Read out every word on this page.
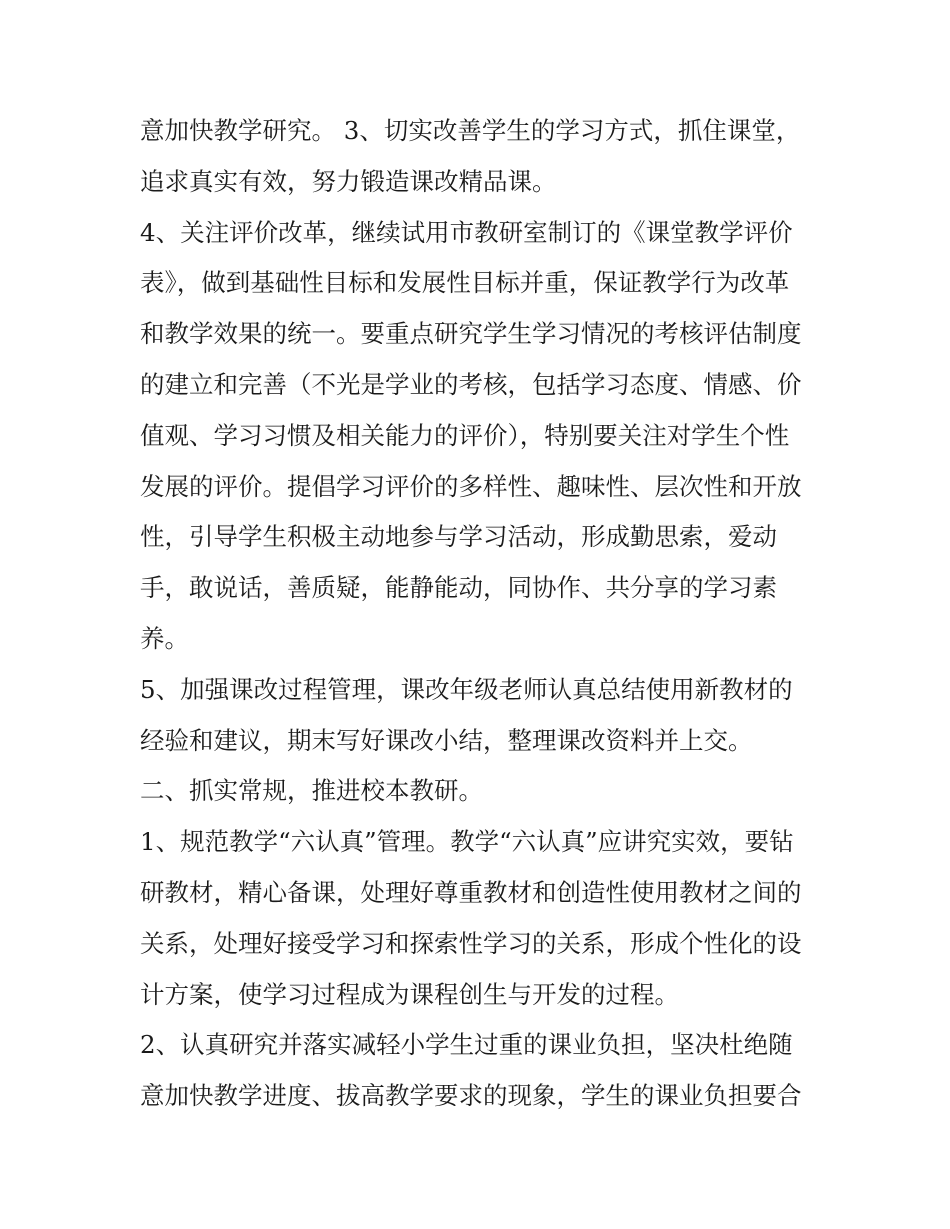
意加快教学研究。 3、切实改善学生的学习方式，抓住课堂，

追求真实有效，努力锻造课改精品课。

4、关注评价改革，继续试用市教研室制订的《课堂教学评价

表》，做到基础性目标和发展性目标并重，保证教学行为改革

和教学效果的统一。要重点研究学生学习情况的考核评估制度

的建立和完善（不光是学业的考核，包括学习态度、情感、价

值观、学习习惯及相关能力的评价），特别要关注对学生个性

发展的评价。提倡学习评价的多样性、趣味性、层次性和开放

性，引导学生积极主动地参与学习活动，形成勤思索，爱动

手，敢说话，善质疑，能静能动，同协作、共分享的学习素

养。

5、加强课改过程管理，课改年级老师认真总结使用新教材的

经验和建议，期末写好课改小结，整理课改资料并上交。

二、抓实常规，推进校本教研。

1、规范教学“六认真”管理。教学“六认真”应讲究实效，要钻

研教材，精心备课，处理好尊重教材和创造性使用教材之间的

关系，处理好接受学习和探索性学习的关系，形成个性化的设

计方案，使学习过程成为课程创生与开发的过程。

2、认真研究并落实减轻小学生过重的课业负担，坚决杜绝随

意加快教学进度、拔高教学要求的现象，学生的课业负担要合
